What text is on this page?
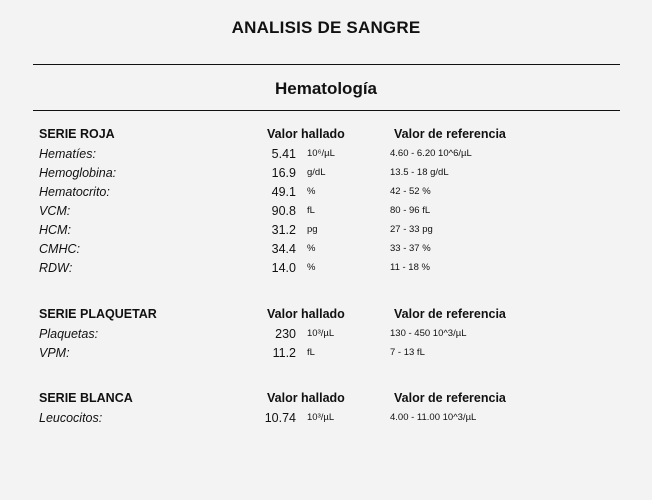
ANALISIS DE SANGRE
Hematología
SERIE ROJA	Valor hallado	Valor de referencia
Hematíes:	5.41 10⁶/µL	4.60 - 6.20 10^6/µL
Hemoglobina:	16.9 g/dL	13.5 - 18 g/dL
Hematocrito:	49.1 %	42 - 52 %
VCM:	90.8 fL	80 - 96 fL
HCM:	31.2 pg	27 - 33 pg
CMHC:	34.4 %	33 - 37 %
RDW:	14.0 %	11 - 18 %
SERIE PLAQUETAR	Valor hallado	Valor de referencia
Plaquetas:	230 10³/µL	130 - 450 10^3/µL
VPM:	11.2 fL	7 - 13 fL
SERIE BLANCA	Valor hallado	Valor de referencia
Leucocitos:	10.74 10³/µL	4.00 - 11.00 10^3/µL
